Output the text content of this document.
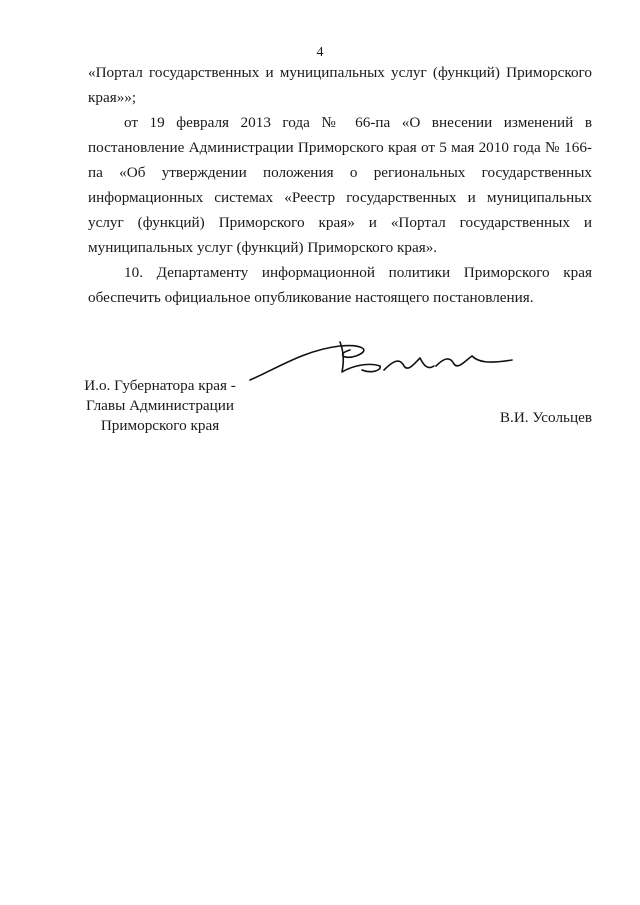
4

«Портал государственных и муниципальных услуг (функций) Приморского края»»;

от 19 февраля 2013 года № 66-па «О внесении изменений в постановление Администрации Приморского края от 5 мая 2010 года № 166-па «Об утверждении положения о региональных государственных информационных системах «Реестр государственных и муниципальных услуг (функций) Приморского края» и «Портал государственных и муниципальных услуг (функций) Приморского края».

10. Департаменту информационной политики Приморского края обеспечить официальное опубликование настоящего постановления.

И.о. Губернатора края -
Главы Администрации
Приморского края	В.И. Усольцев
